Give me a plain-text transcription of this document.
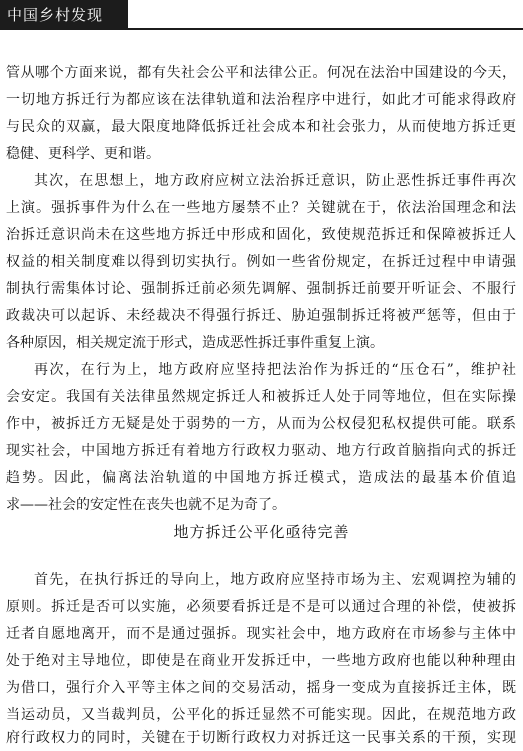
中国乡村发现
管从哪个方面来说，都有失社会公平和法律公正。何况在法治中国建设的今天，
一切地方拆迁行为都应该在法律轨道和法治程序中进行，如此才可能求得政府
与民众的双赢，最大限度地降低拆迁社会成本和社会张力，从而使地方拆迁更
稳健、更科学、更和谐。
其次，在思想上，地方政府应树立法治拆迁意识，防止恶性拆迁事件再次
上演。强拆事件为什么在一些地方屡禁不止？关键就在于，依法治国理念和法
治拆迁意识尚未在这些地方拆迁中形成和固化，致使规范拆迁和保障被拆迁人
权益的相关制度难以得到切实执行。例如一些省份规定，在拆迁过程中申请强
制执行需集体讨论、强制拆迁前必须先调解、强制拆迁前要开听证会、不服行
政裁决可以起诉、未经裁决不得强行拆迁、胁迫强制拆迁将被严惩等，但由于
各种原因，相关规定流于形式，造成恶性拆迁事件重复上演。
再次，在行为上，地方政府应坚持把法治作为拆迁的“压仓石”，维护社
会安定。我国有关法律虽然规定拆迁人和被拆迁人处于同等地位，但在实际操
作中，被拆迁方无疑是处于弱势的一方，从而为公权侵犯私权提供可能。联系
现实社会，中国地方拆迁有着地方行政权力驱动、地方行政首脑指向式的拆迁
趋势。因此，偏离法治轨道的中国地方拆迁模式，造成法的最基本价值追
求——社会的安定性在丧失也就不足为奇了。
地方拆迁公平化亟待完善
首先，在执行拆迁的导向上，地方政府应坚持市场为主、宏观调控为辅的
原则。拆迁是否可以实施，必须要看拆迁是不是可以通过合理的补偿，使被拆
迁者自愿地离开，而不是通过强拆。现实社会中，地方政府在市场参与主体中
处于绝对主导地位，即使是在商业开发拆迁中，一些地方政府也能以种种理由
为借口，强行介入平等主体之间的交易活动，摇身一变成为直接拆迁主体，既
当运动员，又当裁判员，公平化的拆迁显然不可能实现。因此，在规范地方政
府行政权力的同时，关键在于切断行政权力对拆迁这一民事关系的干预，实现
